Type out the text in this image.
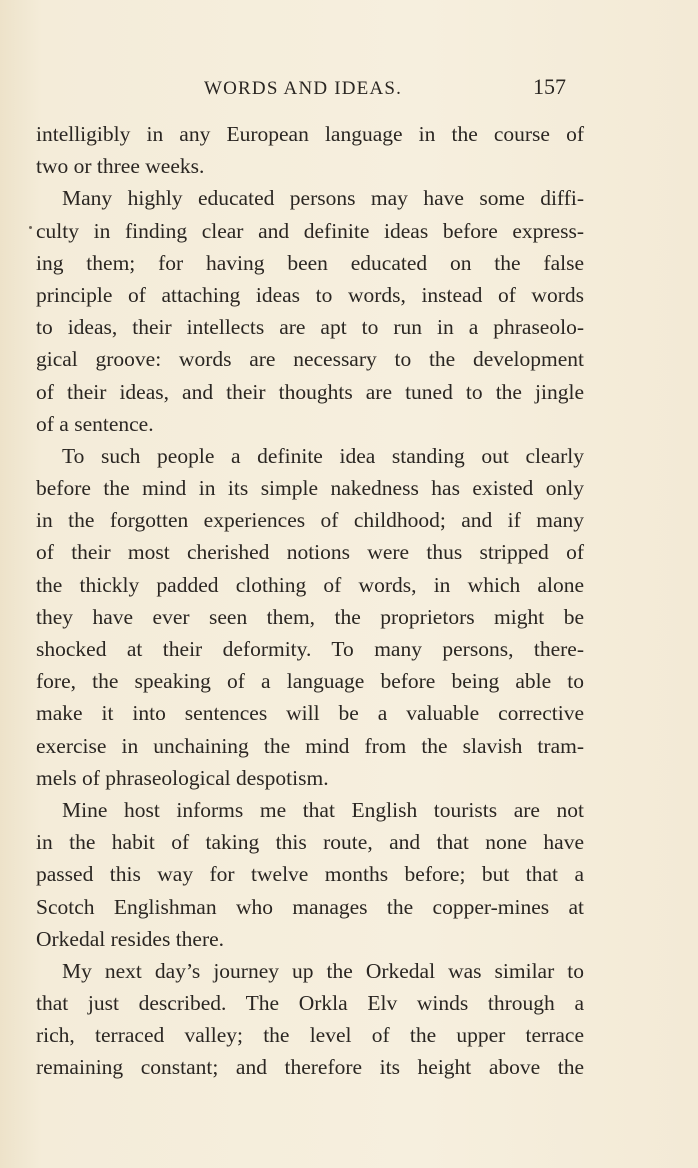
WORDS AND IDEAS.	157
intelligibly in any European language in the course of
two or three weeks.
Many highly educated persons may have some diffi-
culty in finding clear and definite ideas before express-
ing them; for having been educated on the false
principle of attaching ideas to words, instead of words
to ideas, their intellects are apt to run in a phraseolo-
gical groove: words are necessary to the development
of their ideas, and their thoughts are tuned to the jingle
of a sentence.
To such people a definite idea standing out clearly
before the mind in its simple nakedness has existed only
in the forgotten experiences of childhood; and if many
of their most cherished notions were thus stripped of
the thickly padded clothing of words, in which alone
they have ever seen them, the proprietors might be
shocked at their deformity. To many persons, there-
fore, the speaking of a language before being able to
make it into sentences will be a valuable corrective
exercise in unchaining the mind from the slavish tram-
mels of phraseological despotism.
Mine host informs me that English tourists are not
in the habit of taking this route, and that none have
passed this way for twelve months before; but that a
Scotch Englishman who manages the copper-mines at
Orkedal resides there.
My next day’s journey up the Orkedal was similar to
that just described. The Orkla Elv winds through a
rich, terraced valley; the level of the upper terrace
remaining constant; and therefore its height above the
